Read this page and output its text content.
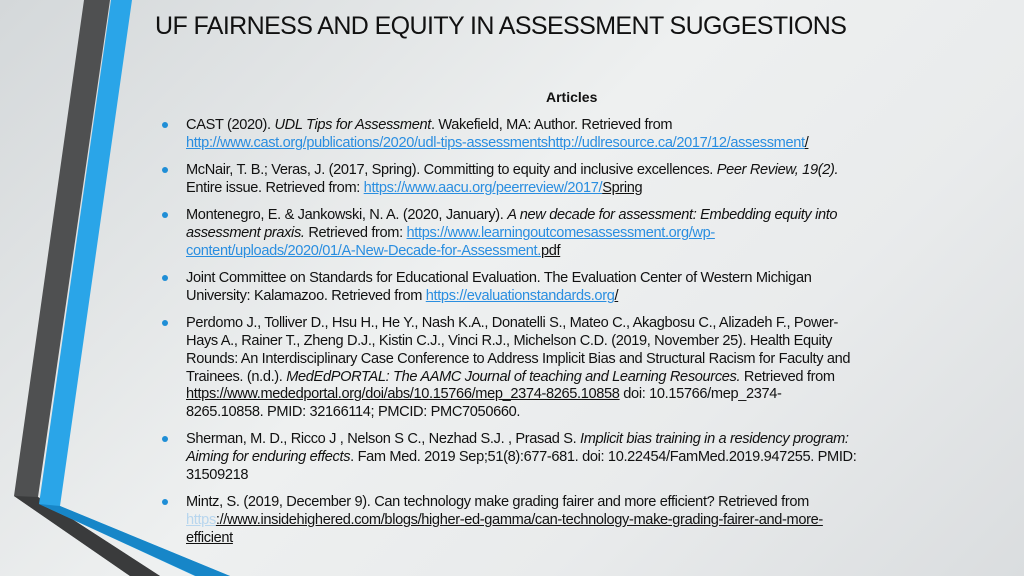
UF FAIRNESS AND EQUITY IN ASSESSMENT SUGGESTIONS
Articles
CAST (2020). UDL Tips for Assessment. Wakefield, MA: Author. Retrieved from
http://www.cast.org/publications/2020/udl-tips-assessmentshttp://udlresource.ca/2017/12/assessment/
McNair, T. B.; Veras, J. (2017, Spring). Committing to equity and inclusive excellences. Peer Review, 19(2).
Entire issue. Retrieved from: https://www.aacu.org/peerreview/2017/Spring
Montenegro, E. & Jankowski, N. A. (2020, January). A new decade for assessment: Embedding equity into
assessment praxis. Retrieved from: https://www.learningoutcomesassessment.org/wp-
content/uploads/2020/01/A-New-Decade-for-Assessment.pdf
Joint Committee on Standards for Educational Evaluation. The Evaluation Center of Western Michigan
University: Kalamazoo. Retrieved from https://evaluationstandards.org/
Perdomo J., Tolliver D., Hsu H., He Y., Nash K.A., Donatelli S., Mateo C., Akagbosu C., Alizadeh F., Power-
Hays A., Rainer T., Zheng D.J., Kistin C.J., Vinci R.J., Michelson C.D. (2019, November 25). Health Equity
Rounds: An Interdisciplinary Case Conference to Address Implicit Bias and Structural Racism for Faculty and
Trainees. (n.d.). MedEdPORTAL: The AAMC Journal of teaching and Learning Resources. Retrieved from
https://www.mededportal.org/doi/abs/10.15766/mep_2374-8265.10858 doi: 10.15766/mep_2374-
8265.10858. PMID: 32166114; PMCID: PMC7050660.
Sherman, M. D., Ricco J , Nelson S C., Nezhad S.J. , Prasad S. Implicit bias training in a residency program:
Aiming for enduring effects. Fam Med. 2019 Sep;51(8):677-681. doi: 10.22454/FamMed.2019.947255. PMID:
31509218
Mintz, S. (2019, December 9). Can technology make grading fairer and more efficient? Retrieved from
https://www.insidehighered.com/blogs/higher-ed-gamma/can-technology-make-grading-fairer-and-more-
efficient
